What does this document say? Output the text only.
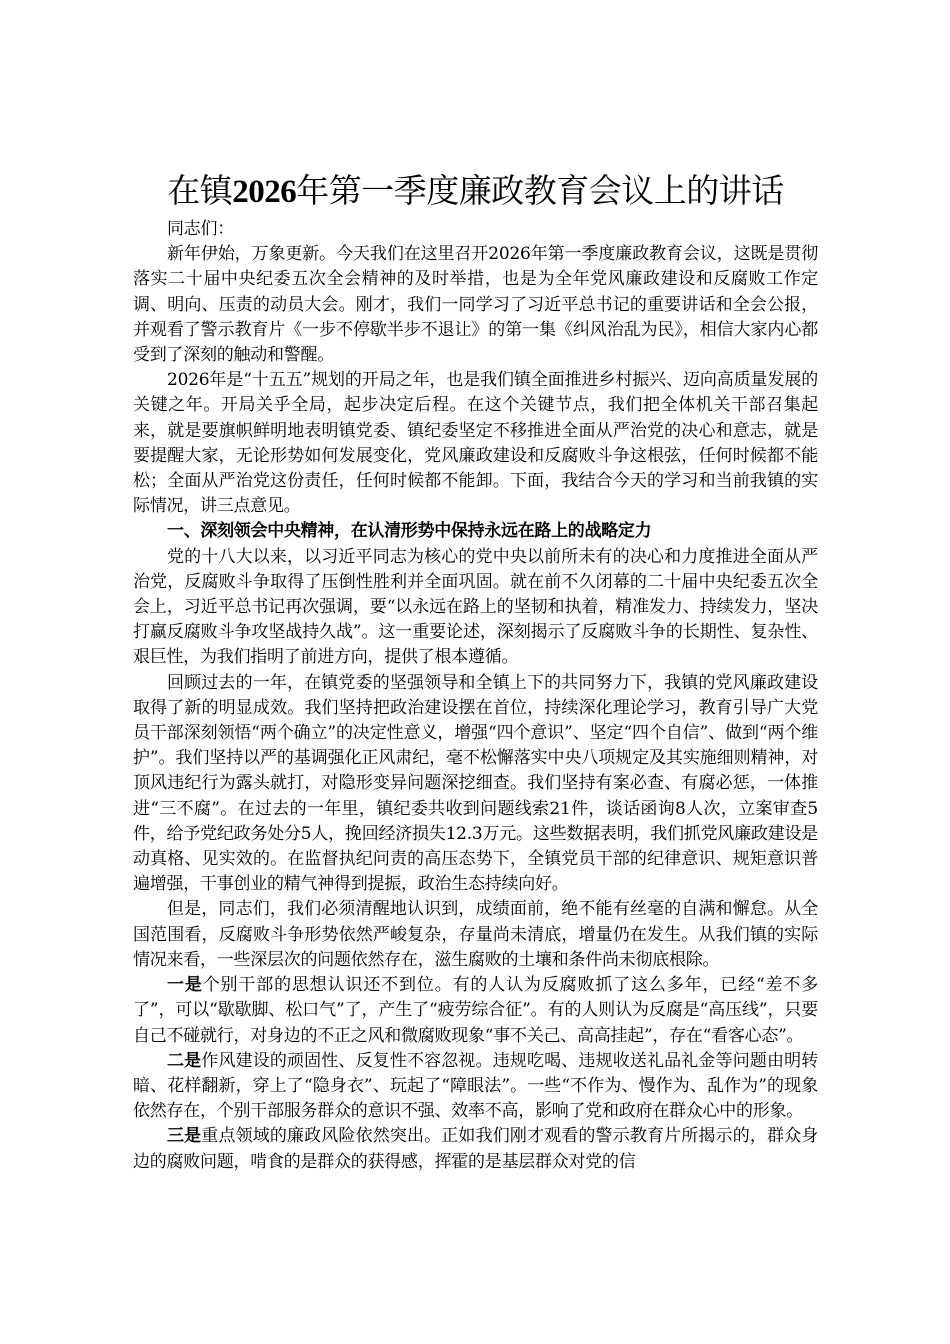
在镇2026年第一季度廉政教育会议上的讲话

同志们：

新年伊始，万象更新。今天我们在这里召开2026年第一季度廉政教育会议，这既是贯彻落实二十届中央纪委五次全会精神的及时举措，也是为全年党风廉政建设和反腐败工作定调、明向、压责的动员大会。刚才，我们一同学习了习近平总书记的重要讲话和全会公报，并观看了警示教育片《一步不停歇半步不退让》的第一集《纠风治乱为民》，相信大家内心都受到了深刻的触动和警醒。

2026年是“十五五”规划的开局之年，也是我们镇全面推进乡村振兴、迈向高质量发展的关键之年。开局关乎全局，起步决定后程。在这个关键节点，我们把全体机关干部召集起来，就是要旗帜鲜明地表明镇党委、镇纪委坚定不移推进全面从严治党的决心和意志，就是要提醒大家，无论形势如何发展变化，党风廉政建设和反腐败斗争这根弦，任何时候都不能松；全面从严治党这份责任，任何时候都不能卸。下面，我结合今天的学习和当前我镇的实际情况，讲三点意见。

一、深刻领会中央精神，在认清形势中保持永远在路上的战略定力

党的十八大以来，以习近平同志为核心的党中央以前所未有的决心和力度推进全面从严治党，反腐败斗争取得了压倒性胜利并全面巩固。就在前不久闭幕的二十届中央纪委五次全会上，习近平总书记再次强调，要“以永远在路上的坚韧和执着，精准发力、持续发力，坚决打赢反腐败斗争攻坚战持久战”。这一重要论述，深刻揭示了反腐败斗争的长期性、复杂性、艰巨性，为我们指明了前进方向，提供了根本遵循。

回顾过去的一年，在镇党委的坚强领导和全镇上下的共同努力下，我镇的党风廉政建设取得了新的明显成效。我们坚持把政治建设摆在首位，持续深化理论学习，教育引导广大党员干部深刻领悟“两个确立”的决定性意义，增强“四个意识”、坚定“四个自信”、做到“两个维护”。我们坚持以严的基调强化正风肃纪，毫不松懈落实中央八项规定及其实施细则精神，对顶风违纪行为露头就打，对隐形变异问题深挖细查。我们坚持有案必查、有腐必惩，一体推进“三不腐”。在过去的一年里，镇纪委共收到问题线索21件，谈话函询8人次，立案审查5件，给予党纪政务处分5人，挽回经济损失12.3万元。这些数据表明，我们抓党风廉政建设是动真格、见实效的。在监督执纪问责的高压态势下，全镇党员干部的纪律意识、规矩意识普遍增强，干事创业的精气神得到提振，政治生态持续向好。

但是，同志们，我们必须清醒地认识到，成绩面前，绝不能有丝毫的自满和懈怠。从全国范围看，反腐败斗争形势依然严峻复杂，存量尚未清底，增量仍在发生。从我们镇的实际情况来看，一些深层次的问题依然存在，滋生腐败的土壤和条件尚未彻底根除。

一是个别干部的思想认识还不到位。有的人认为反腐败抓了这么多年，已经“差不多了”，可以“歇歇脚、松口气”了，产生了“疲劳综合征”。有的人则认为反腐是“高压线”，只要自己不碰就行，对身边的不正之风和微腐败现象“事不关己、高高挂起”，存在“看客心态”。

二是作风建设的顽固性、反复性不容忽视。违规吃喝、违规收送礼品礼金等问题由明转暗、花样翻新，穿上了“隐身衣”、玩起了“障眼法”。一些“不作为、慢作为、乱作为”的现象依然存在，个别干部服务群众的意识不强、效率不高，影响了党和政府在群众心中的形象。

三是重点领域的廉政风险依然突出。正如我们刚才观看的警示教育片所揭示的，群众身边的腐败问题，啃食的是群众的获得感，挥霍的是基层群众对党的信
